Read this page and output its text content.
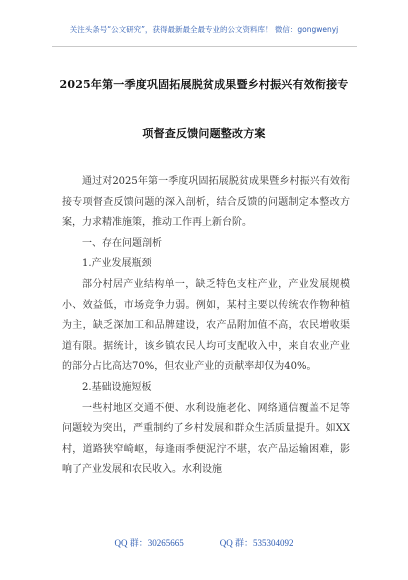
关注头条号“公文研究”，获得最新最全最专业的公文资料库！ 微信：gongwenyj
2025年第一季度巩固拓展脱贫成果暨乡村振兴有效衔接专
项督查反馈问题整改方案

通过对2025年第一季度巩固拓展脱贫成果暨乡村振兴有效衔接专项督查反馈问题的深入剖析，结合反馈的问题制定本整改方案，力求精准施策，推动工作再上新台阶。

一、存在问题剖析

1.产业发展瓶颈

部分村居产业结构单一，缺乏特色支柱产业，产业发展规模小、效益低，市场竞争力弱。例如，某村主要以传统农作物种植为主，缺乏深加工和品牌建设，农产品附加值不高，农民增收渠道有限。据统计，该乡镇农民人均可支配收入中，来自农业产业的部分占比高达70%，但农业产业的贡献率却仅为40%。

2.基础设施短板

一些村地区交通不便、水利设施老化、网络通信覆盖不足等问题较为突出，严重制约了乡村发展和群众生活质量提升。如XX村，道路狭窄崎岖，每逢雨季便泥泞不堪，农产品运输困难，影响了产业发展和农民收入。水利设施

QQ 群：30265665	QQ 群：535304092
